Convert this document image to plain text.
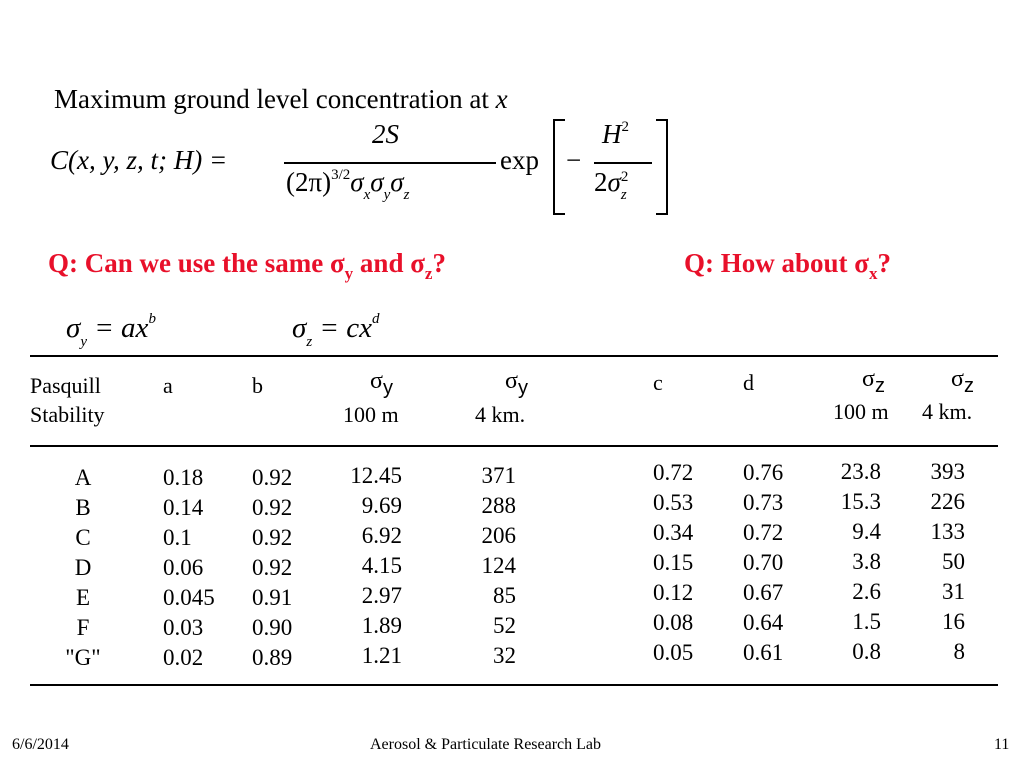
Maximum ground level concentration at x
C(x, y, z, t; H) =
2S
$(2\pi)^{3/2}\sigma_x\sigma_y\sigma_z$
exp −
$H^2$
2σ 2
z
Q: Can we use the same $\sigma_y$ and $\sigma_z$?	Q: How about $\sigma_x$?
$\sigma_y = ax^b$	$\sigma_z = cx^d$
Pasquill
Stability
a	b	$\sigma_y$	$\sigma_y$
100 m	4 km.
c	d	$\sigma_z$	$\sigma_z$
100 m 4 km.
A	0.18	0.92	12.45	371	0.72	0.76	23.8	393
B	0.14	0.92	9.69	288	0.53	0.73	15.3	226
C	0.1	0.92	6.92	206	0.34	0.72	9.4	133
D	0.06	0.92	4.15	124	0.15	0.70	3.8	50
E	0.045	0.91	2.97	85	0.12	0.67	2.6	31
F	0.03	0.90	1.89	52	0.08	0.64	1.5	16
"G"	0.02	0.89	1.21	32	0.05	0.61	0.8	8
6/6/2014	Aerosol & Particulate Research Lab	11
